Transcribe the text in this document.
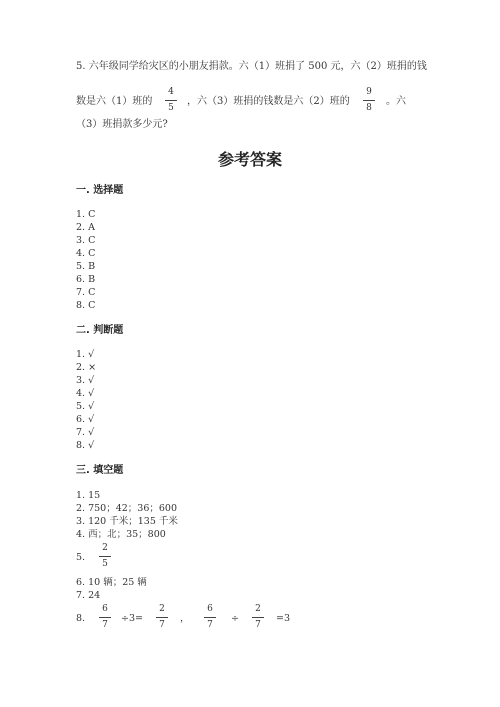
5. 六年级同学给灾区的小朋友捐款。六（1）班捐了 500 元，六（2）班捐的钱
数是六（1）班的
4
5
，六（3）班捐的钱数是六（2）班的
9
8
。六
（3）班捐款多少元?
参考答案
一. 选择题
1. C
2. A
3. C
4. C
5. B
6. B
7. C
8. C
二. 判断题
1. √
2. ×
3. √
4. √
5. √
6. √
7. √
8. √
三. 填空题
1. 15
2. 750；42；36；600
3. 120 千米；135 千米
4. 西；北；35；800
5.
2
5
6. 10 辆；25 辆
7. 24
8.
6
7
÷3=
2
7
，
6
7
÷
2
7
=3
